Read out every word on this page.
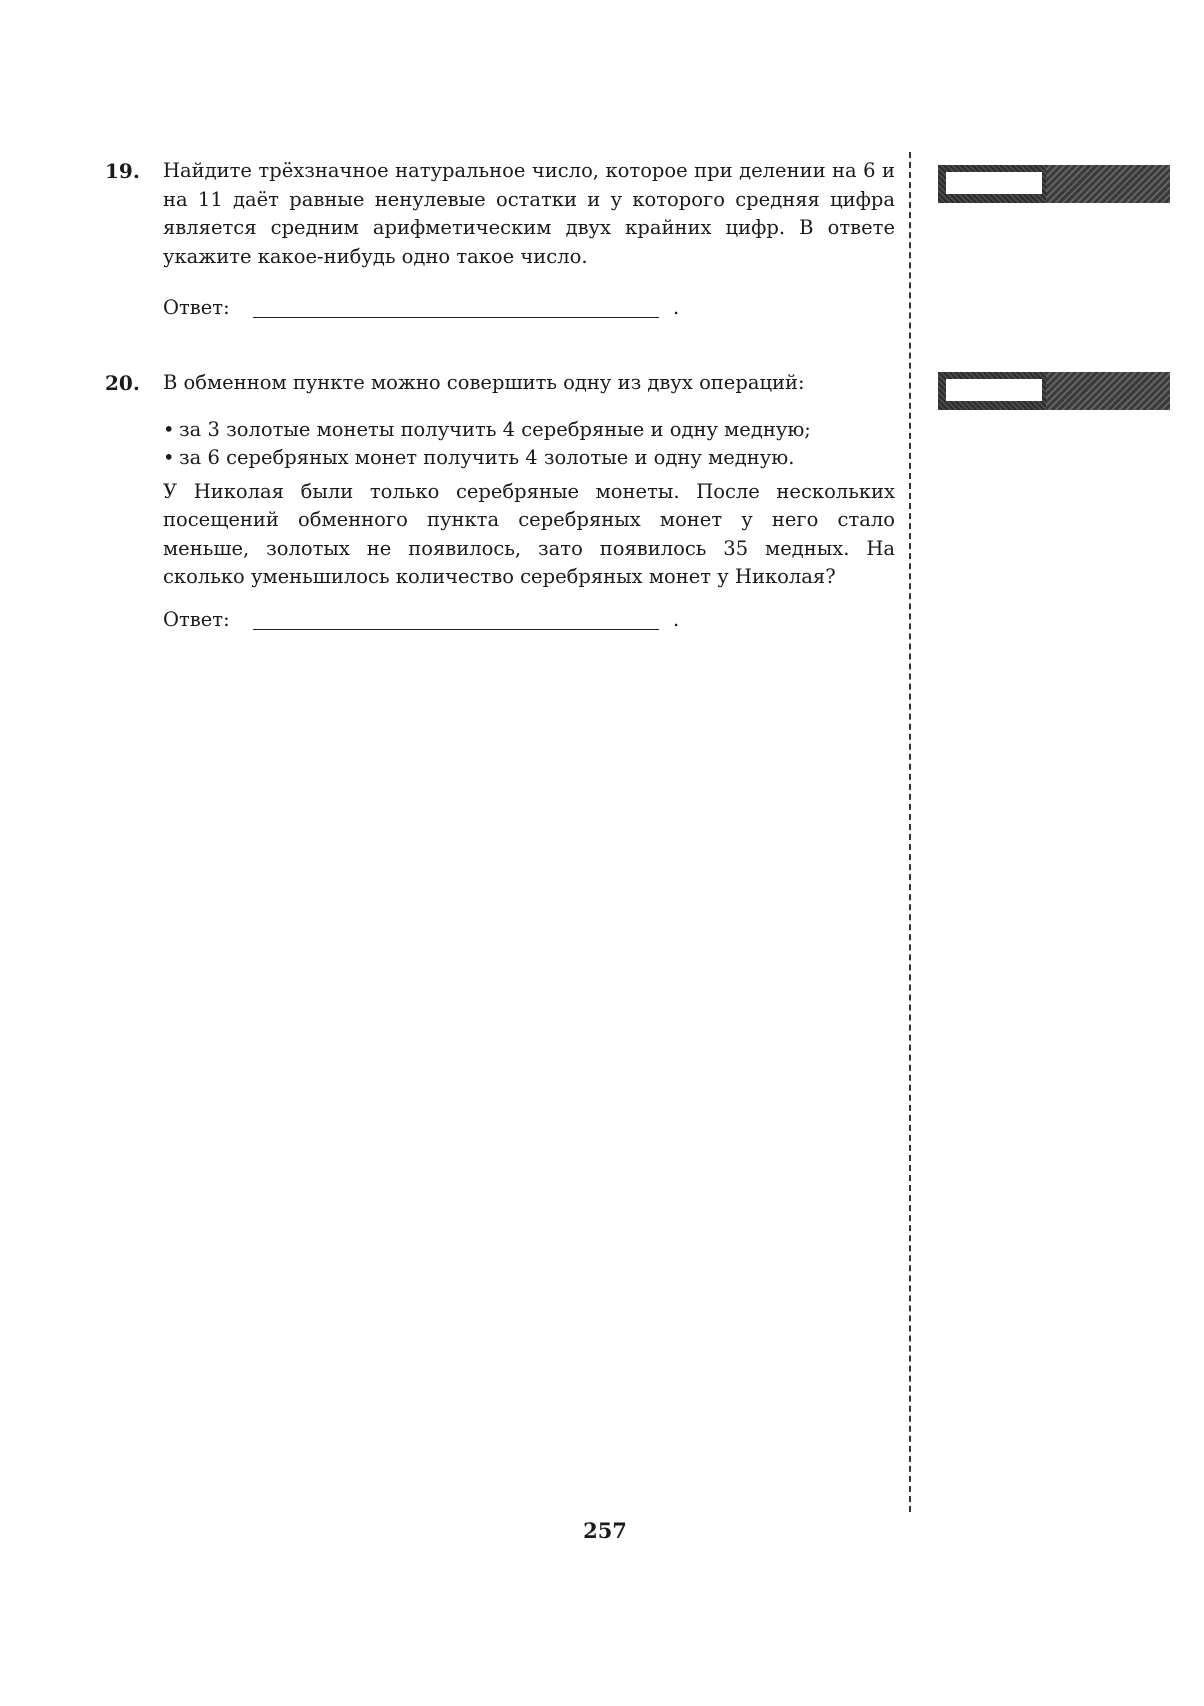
19. Найдите трёхзначное натуральное число, которое при делении на 6 и на 11 даёт равные ненулевые остатки и у которого средняя цифра является средним арифметическим двух крайних цифр. В ответе укажите какое-нибудь одно такое число.

Ответ:	.
20. В обменном пункте можно совершить одну из двух операций:

• за 3 золотые монеты получить 4 серебряные и одну медную;
• за 6 серебряных монет получить 4 золотые и одну медную.

У Николая были только серебряные монеты. После нескольких посещений обменного пункта серебряных монет у него стало меньше, золотых не появилось, зато появилось 35 медных. На сколько уменьшилось количество серебряных монет у Николая?

Ответ:	.
257
